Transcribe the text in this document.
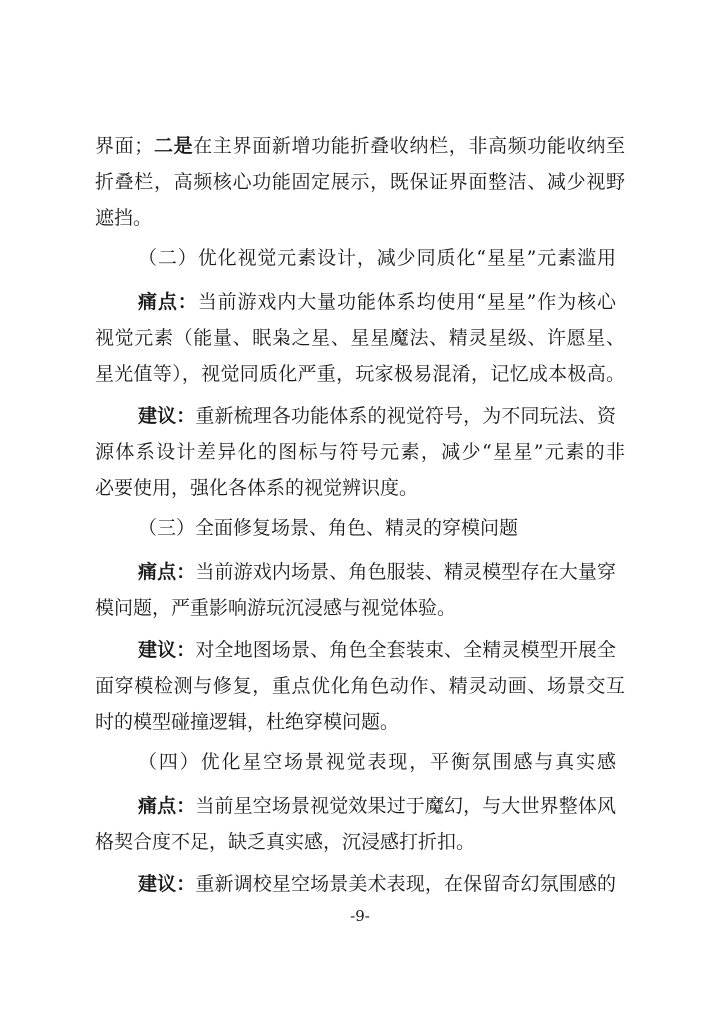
界面；二是在主界面新增功能折叠收纳栏，非高频功能收纳至
折叠栏，高频核心功能固定展示，既保证界面整洁、减少视野
遮挡。
（二）优化视觉元素设计，减少同质化“星星”元素滥用
痛点：当前游戏内大量功能体系均使用“星星”作为核心
视觉元素（能量、眠枭之星、星星魔法、精灵星级、许愿星、
星光值等），视觉同质化严重，玩家极易混淆，记忆成本极高。
建议：重新梳理各功能体系的视觉符号，为不同玩法、资
源体系设计差异化的图标与符号元素，减少“星星”元素的非
必要使用，强化各体系的视觉辨识度。
（三）全面修复场景、角色、精灵的穿模问题
痛点：当前游戏内场景、角色服装、精灵模型存在大量穿
模问题，严重影响游玩沉浸感与视觉体验。
建议：对全地图场景、角色全套装束、全精灵模型开展全
面穿模检测与修复，重点优化角色动作、精灵动画、场景交互
时的模型碰撞逻辑，杜绝穿模问题。
（四）优化星空场景视觉表现，平衡氛围感与真实感
痛点：当前星空场景视觉效果过于魔幻，与大世界整体风
格契合度不足，缺乏真实感，沉浸感打折扣。
建议：重新调校星空场景美术表现，在保留奇幻氛围感的
-9-
